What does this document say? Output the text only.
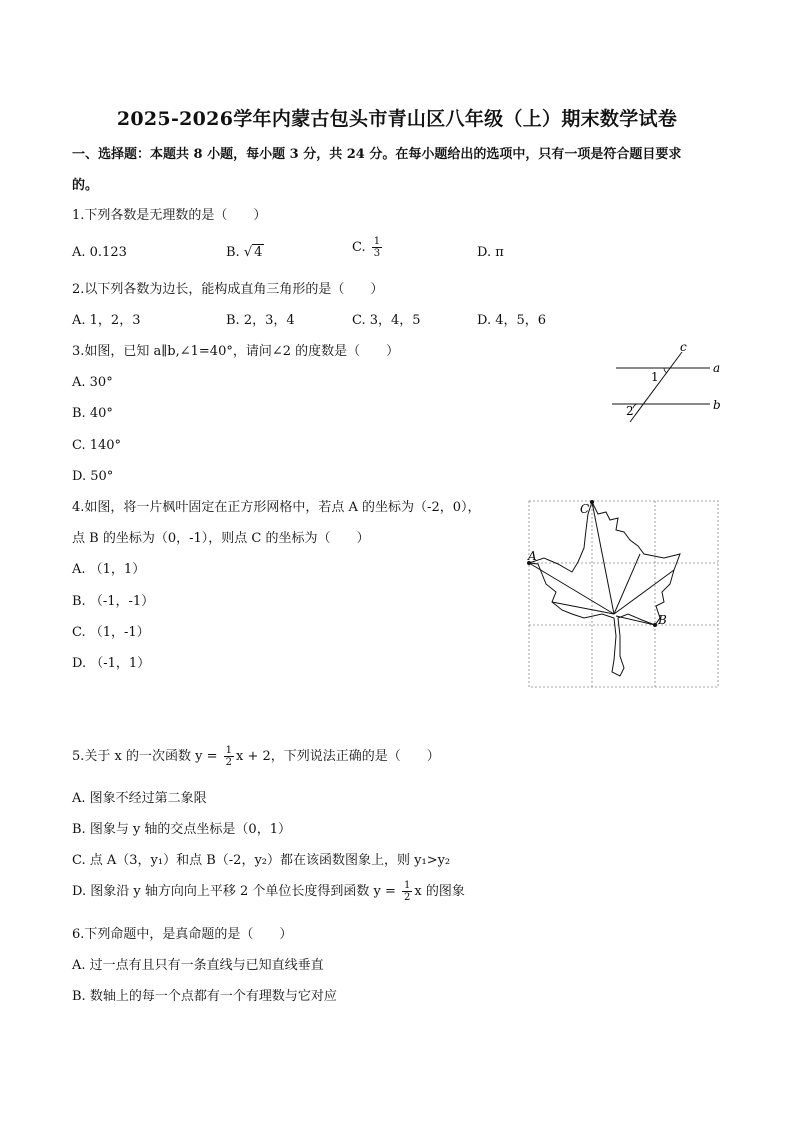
2025-2026学年内蒙古包头市青山区八年级（上）期末数学试卷
一、选择题：本题共 8 小题，每小题 3 分，共 24 分。在每小题给出的选项中，只有一项是符合题目要求
的。
1.下列各数是无理数的是（　　）
A. 0.123	B. √ 4	C. $\frac{1}{3}$	D. π
2.以下列各数为边长，能构成直角三角形的是（　　）
A. 1，2，3	B. 2，3，4	C. 3，4，5	D. 4，5，6
3.如图，已知 a∥b,∠1=40°，请问∠2 的度数是（　　）
A. 30°
B. 40°
C. 140°
D. 50°
c
a
b
1
2
4.如图，将一片枫叶固定在正方形网格中，若点 A 的坐标为（-2，0），
点 B 的坐标为（0，-1），则点 C 的坐标为（　　）
A. （1，1）
B. （-1，-1）
C. （1，-1）
D. （-1，1）
A
C
B
5.关于 x 的一次函数 $y = \frac{1}{2}$ x + 2，下列说法正确的是（　　）
A. 图象不经过第二象限
B. 图象与 y 轴的交点坐标是（0，1）
C. 点 A（3，y₁）和点 B（-2，y₂）都在该函数图象上，则 y₁>y₂
D. 图象沿 y 轴方向向上平移 2 个单位长度得到函数 $y = \frac{1}{2}$ x 的图象
6.下列命题中，是真命题的是（　　）
A. 过一点有且只有一条直线与已知直线垂直
B. 数轴上的每一个点都有一个有理数与它对应
